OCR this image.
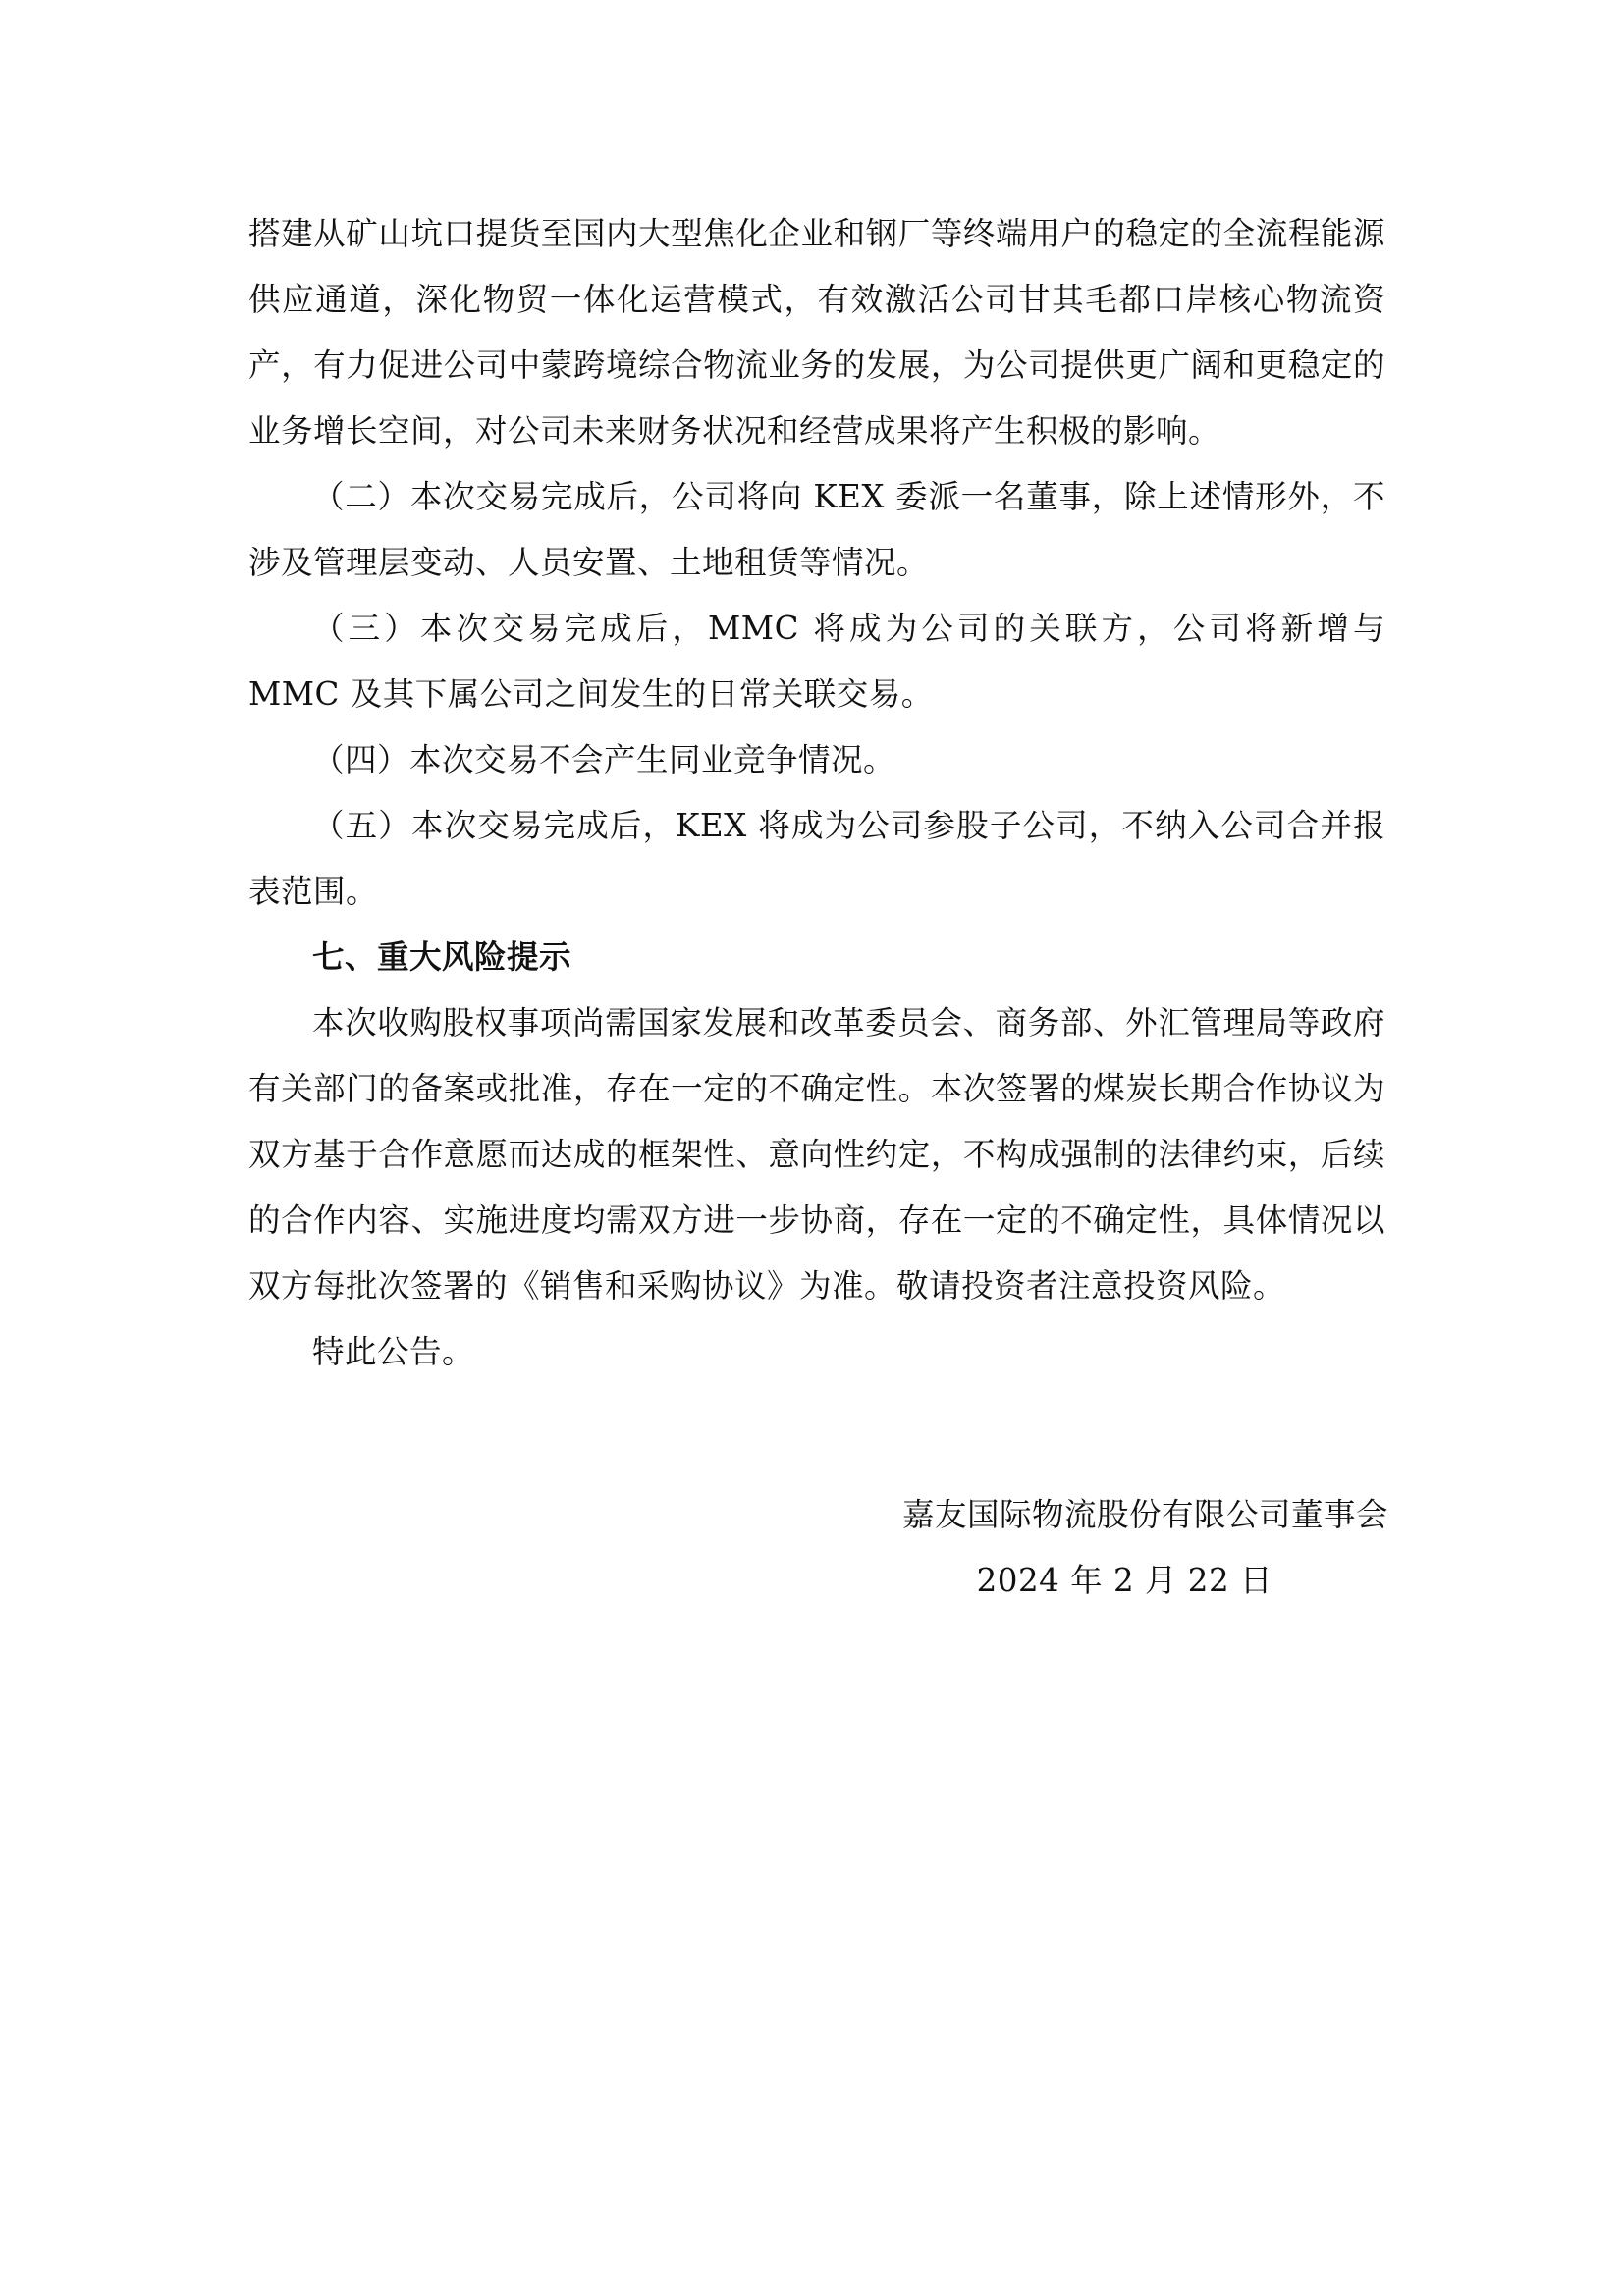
搭建从矿山坑口提货至国内大型焦化企业和钢厂等终端用户的稳定的全流程能源供应通道，深化物贸一体化运营模式，有效激活公司甘其毛都口岸核心物流资产，有力促进公司中蒙跨境综合物流业务的发展，为公司提供更广阔和更稳定的业务增长空间，对公司未来财务状况和经营成果将产生积极的影响。

（二）本次交易完成后，公司将向 KEX 委派一名董事，除上述情形外，不涉及管理层变动、人员安置、土地租赁等情况。

（三）本次交易完成后，MMC 将成为公司的关联方，公司将新增与 MMC 及其下属公司之间发生的日常关联交易。

（四）本次交易不会产生同业竞争情况。

（五）本次交易完成后，KEX 将成为公司参股子公司，不纳入公司合并报表范围。

七、重大风险提示

本次收购股权事项尚需国家发展和改革委员会、商务部、外汇管理局等政府有关部门的备案或批准，存在一定的不确定性。本次签署的煤炭长期合作协议为双方基于合作意愿而达成的框架性、意向性约定，不构成强制的法律约束，后续的合作内容、实施进度均需双方进一步协商，存在一定的不确定性，具体情况以双方每批次签署的《销售和采购协议》为准。敬请投资者注意投资风险。

特此公告。

嘉友国际物流股份有限公司董事会

2024 年 2 月 22 日
